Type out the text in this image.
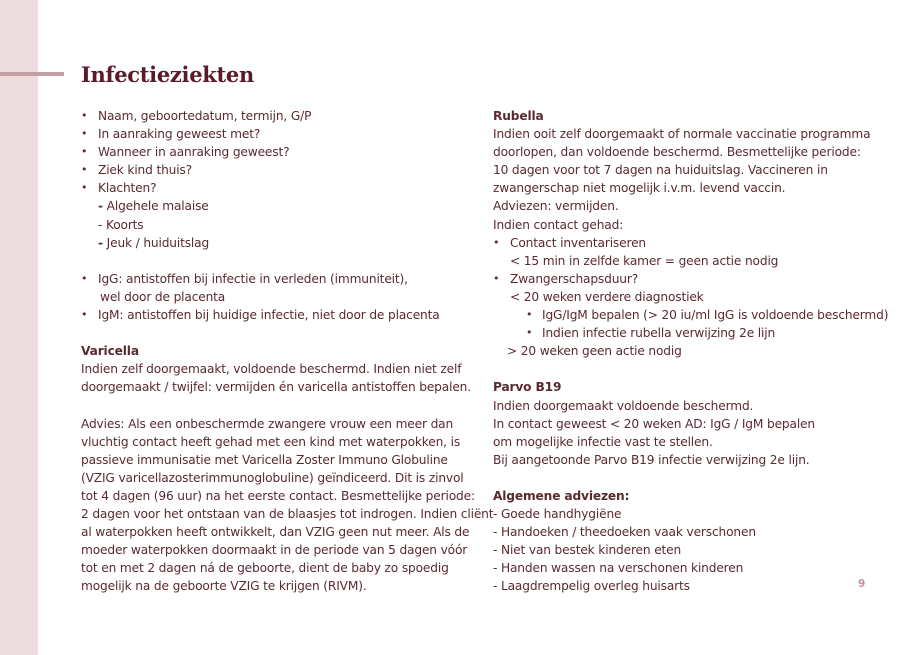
Infectieziekten
• Naam, geboortedatum, termijn, G/P
• In aanraking geweest met?
• Wanneer in aanraking geweest?
• Ziek kind thuis?
• Klachten?
- Algehele malaise
- Koorts
- Jeuk / huiduitslag
• IgG: antistoffen bij infectie in verleden (immuniteit),
wel door de placenta
• IgM: antistoffen bij huidige infectie, niet door de placenta
Varicella
Indien zelf doorgemaakt, voldoende beschermd. Indien niet zelf
doorgemaakt / twijfel: vermijden én varicella antistoffen bepalen.
Advies: Als een onbeschermde zwangere vrouw een meer dan
vluchtig contact heeft gehad met een kind met waterpokken, is
passieve immunisatie met Varicella Zoster Immuno Globuline
(VZIG varicellazosterimmunoglobuline) geïndiceerd. Dit is zinvol
tot 4 dagen (96 uur) na het eerste contact. Besmettelijke periode:
2 dagen voor het ontstaan van de blaasjes tot indrogen. Indien cliënt
al waterpokken heeft ontwikkelt, dan VZIG geen nut meer. Als de
moeder waterpokken doormaakt in de periode van 5 dagen vóór
tot en met 2 dagen ná de geboorte, dient de baby zo spoedig
mogelijk na de geboorte VZIG te krijgen (RIVM).
Rubella
Indien ooit zelf doorgemaakt of normale vaccinatie programma
doorlopen, dan voldoende beschermd. Besmettelijke periode:
10 dagen voor tot 7 dagen na huiduitslag. Vaccineren in
zwangerschap niet mogelijk i.v.m. levend vaccin.
Adviezen: vermijden.
Indien contact gehad:
• Contact inventariseren
< 15 min in zelfde kamer = geen actie nodig
• Zwangerschapsduur?
< 20 weken verdere diagnostiek
• IgG/IgM bepalen (> 20 iu/ml IgG is voldoende beschermd)
• Indien infectie rubella verwijzing 2e lijn
> 20 weken geen actie nodig
Parvo B19
Indien doorgemaakt voldoende beschermd.
In contact geweest < 20 weken AD: IgG / IgM bepalen
om mogelijke infectie vast te stellen.
Bij aangetoonde Parvo B19 infectie verwijzing 2e lijn.
Algemene adviezen:
- Goede handhygiëne
- Handoeken / theedoeken vaak verschonen
- Niet van bestek kinderen eten
- Handen wassen na verschonen kinderen
- Laagdrempelig overleg huisarts	9
